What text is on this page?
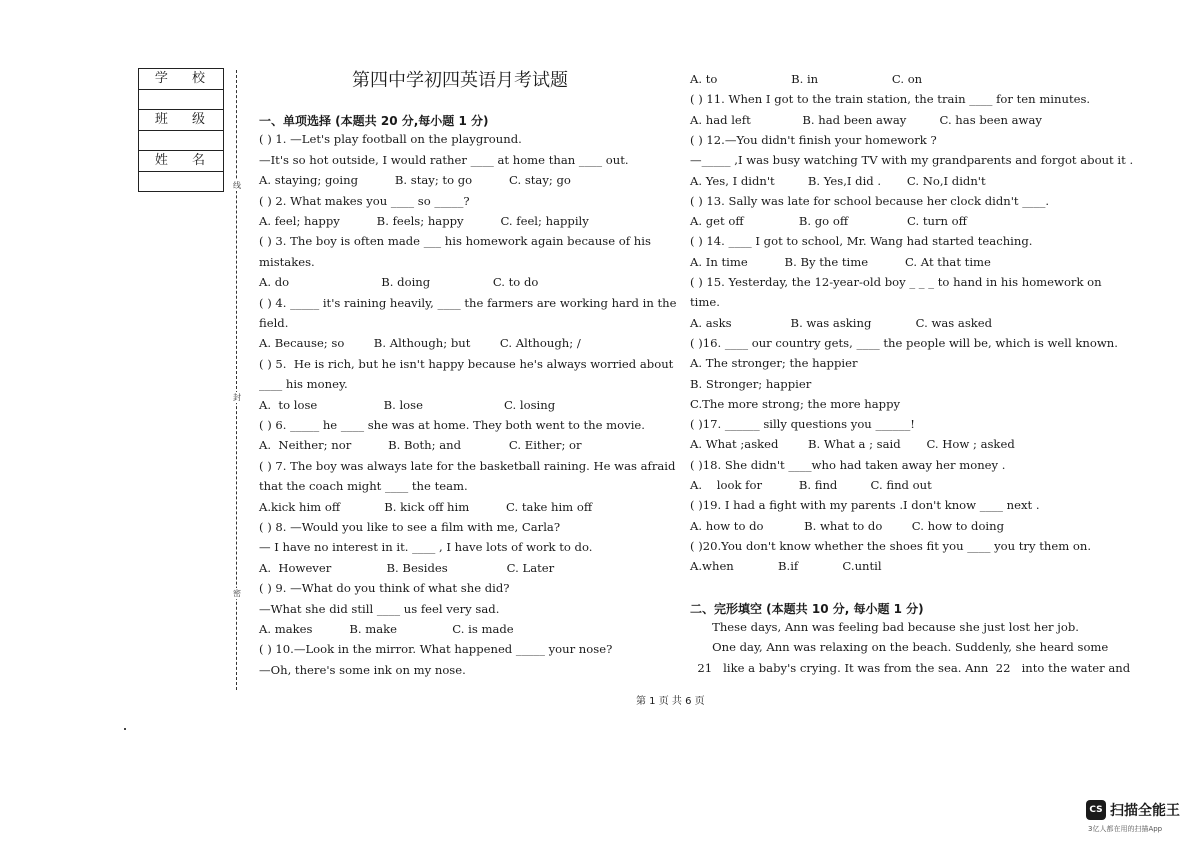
学 校
班 级
姓 名
线
封
密
第四中学初四英语月考试题
一、单项选择 (本题共 20 分,每小题 1 分)
( ) 1. —Let's play football on the playground.
—It's so hot outside, I would rather ____ at home than ____ out.
A. staying; going          B. stay; to go          C. stay; go
( ) 2. What makes you ____ so _____?
A. feel; happy          B. feels; happy          C. feel; happily
( ) 3. The boy is often made ___ his homework again because of his
mistakes.
A. do                         B. doing                 C. to do
( ) 4. _____ it's raining heavily, ____ the farmers are working hard in the
field.
A. Because; so        B. Although; but        C. Although; /
( ) 5.  He is rich, but he isn't happy because he's always worried about
____ his money.
A.  to lose                  B. lose                      C. losing
( ) 6. _____ he ____ she was at home. They both went to the movie.
A.  Neither; nor          B. Both; and             C. Either; or
( ) 7. The boy was always late for the basketball raining. He was afraid
that the coach might ____ the team.
A.kick him off            B. kick off him          C. take him off
( ) 8. —Would you like to see a film with me, Carla?
— I have no interest in it. ____ , I have lots of work to do.
A.  However               B. Besides                C. Later
( ) 9. —What do you think of what she did?
—What she did still ____ us feel very sad.
A. makes          B. make               C. is made
( ) 10.—Look in the mirror. What happened _____ your nose?
—Oh, there's some ink on my nose.
A. to                    B. in                    C. on
( ) 11. When I got to the train station, the train ____ for ten minutes.
A. had left              B. had been away         C. has been away
( ) 12.—You didn't finish your homework ?
—_____ ,I was busy watching TV with my grandparents and forgot about it .
A. Yes, I didn't         B. Yes,I did .       C. No,I didn't
( ) 13. Sally was late for school because her clock didn't ____.
A. get off               B. go off                C. turn off
( ) 14. ____ I got to school, Mr. Wang had started teaching.
A. In time          B. By the time          C. At that time
( ) 15. Yesterday, the 12-year-old boy _ _ _ to hand in his homework on
time.
A. asks                B. was asking            C. was asked
( )16. ____ our country gets, ____ the people will be, which is well known.
A. The stronger; the happier
B. Stronger; happier
C.The more strong; the more happy
( )17. ______ silly questions you ______!
A. What ;asked        B. What a ; said       C. How ; asked
( )18. She didn't ____who had taken away her money .
A.    look for          B. find         C. find out
( )19. I had a fight with my parents .I don't know ____ next .
A. how to do           B. what to do        C. how to doing
( )20.You don't know whether the shoes fit you ____ you try them on.
A.when            B.if            C.until
二、完形填空 (本题共 10 分, 每小题 1 分)
These days, Ann was feeling bad because she just lost her job.
One day, Ann was relaxing on the beach. Suddenly, she heard some
21   like a baby's crying. It was from the sea. Ann  22   into the water and
第 1 页 共 6 页
CS 扫描全能王
3亿人都在用的扫描App
